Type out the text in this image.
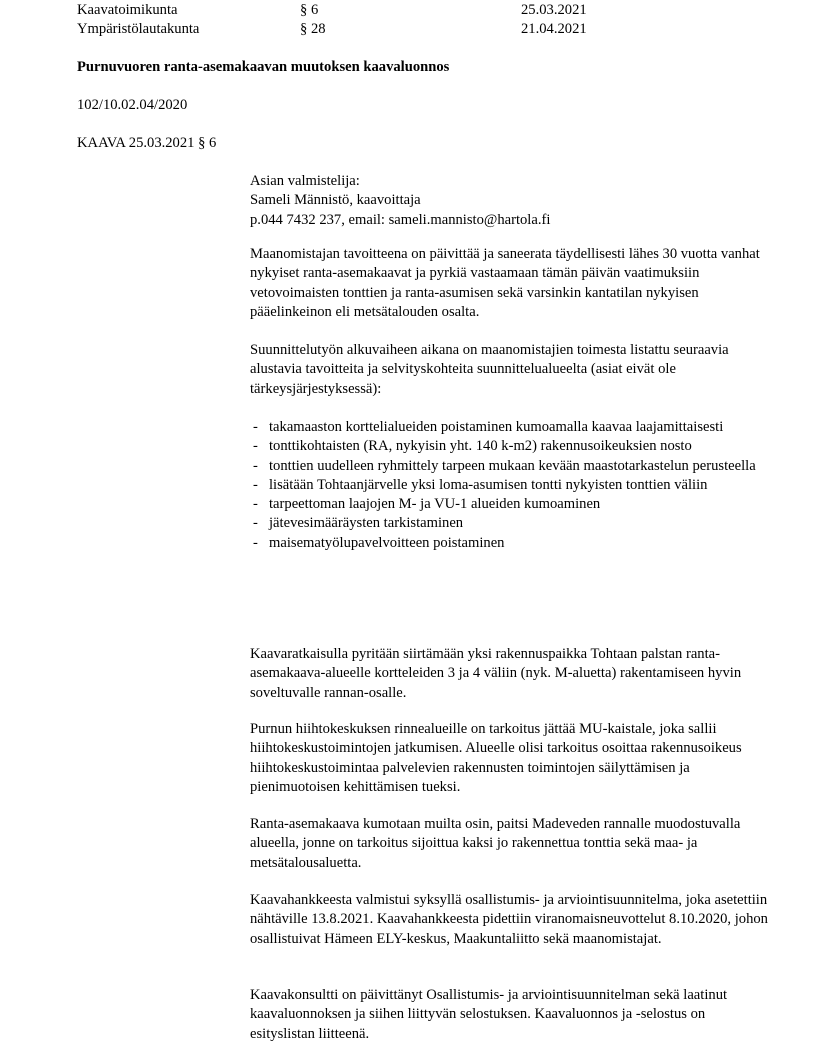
Kaavatoimikunta	§ 6	25.03.2021
Ympäristölautakunta	§ 28	21.04.2021
Purnuvuoren ranta-asemakaavan muutoksen kaavaluonnos
102/10.02.04/2020
KAAVA 25.03.2021 § 6

Asian valmistelija:

Sameli Männistö, kaavoittaja

p.044 7432 237, email: sameli.mannisto@hartola.fi

Maanomistajan tavoitteena on päivittää ja saneerata täydellisesti lähes 30 vuotta vanhat nykyiset ranta-asemakaavat ja pyrkiä vastaamaan tämän päivän vaatimuksiin vetovoimaisten tonttien ja ranta-asumisen sekä varsinkin kantatilan nykyisen pääelinkeinon eli metsätalouden osalta.

Suunnittelutyön alkuvaiheen aikana on maanomistajien toimesta listattu seuraavia alustavia tavoitteita ja selvityskohteita suunnittelualueelta (asiat eivät ole tärkeysjärjestyksessä):

- takamaaston korttelialueiden poistaminen kumoamalla kaavaa laajamittaisesti
- tonttikohtaisten (RA, nykyisin yht. 140 k-m2) rakennusoikeuksien nosto
- tonttien uudelleen ryhmittely tarpeen mukaan kevään maastotarkastelun perusteella
- lisätään Tohtaanjärvelle yksi loma-asumisen tontti nykyisten tonttien väliin
- tarpeettoman laajojen M- ja VU-1 alueiden kumoaminen
- jätevesimääräysten tarkistaminen
- maisematyölupavelvoitteen poistaminen

Kaavaratkaisulla pyritään siirtämään yksi rakennuspaikka Tohtaan palstan ranta-asemakaava-alueelle kortteleiden 3 ja 4 väliin (nyk. M-aluetta) rakentamiseen hyvin soveltuvalle rannan-osalle.

Purnun hiihtokeskuksen rinnealueille on tarkoitus jättää MU-kaistale, joka sallii hiihtokeskustoimintojen jatkumisen. Alueelle olisi tarkoitus osoittaa rakennusoikeus hiihtokeskustoimintaa palvelevien rakennusten toimintojen säilyttämisen ja pienimuotoisen kehittämisen tueksi.

Ranta-asemakaava kumotaan muilta osin, paitsi Madeveden rannalle muodostuvalla alueella, jonne on tarkoitus sijoittua kaksi jo rakennettua tonttia sekä maa- ja metsätalousaluetta.

Kaavahankkeesta valmistui syksyllä osallistumis- ja arviointisuunnitelma, joka asetettiin nähtäville 13.8.2021. Kaavahankkeesta pidettiin viranomaisneuvottelut 8.10.2020, johon osallistuivat Hämeen ELY-keskus, Maakuntaliitto sekä maanomistajat.

Kaavakonsultti on päivittänyt Osallistumis- ja arviointisuunnitelman sekä laatinut kaavaluonnoksen ja siihen liittyvän selostuksen. Kaavaluonnos ja -selostus on esityslistan liitteenä.
